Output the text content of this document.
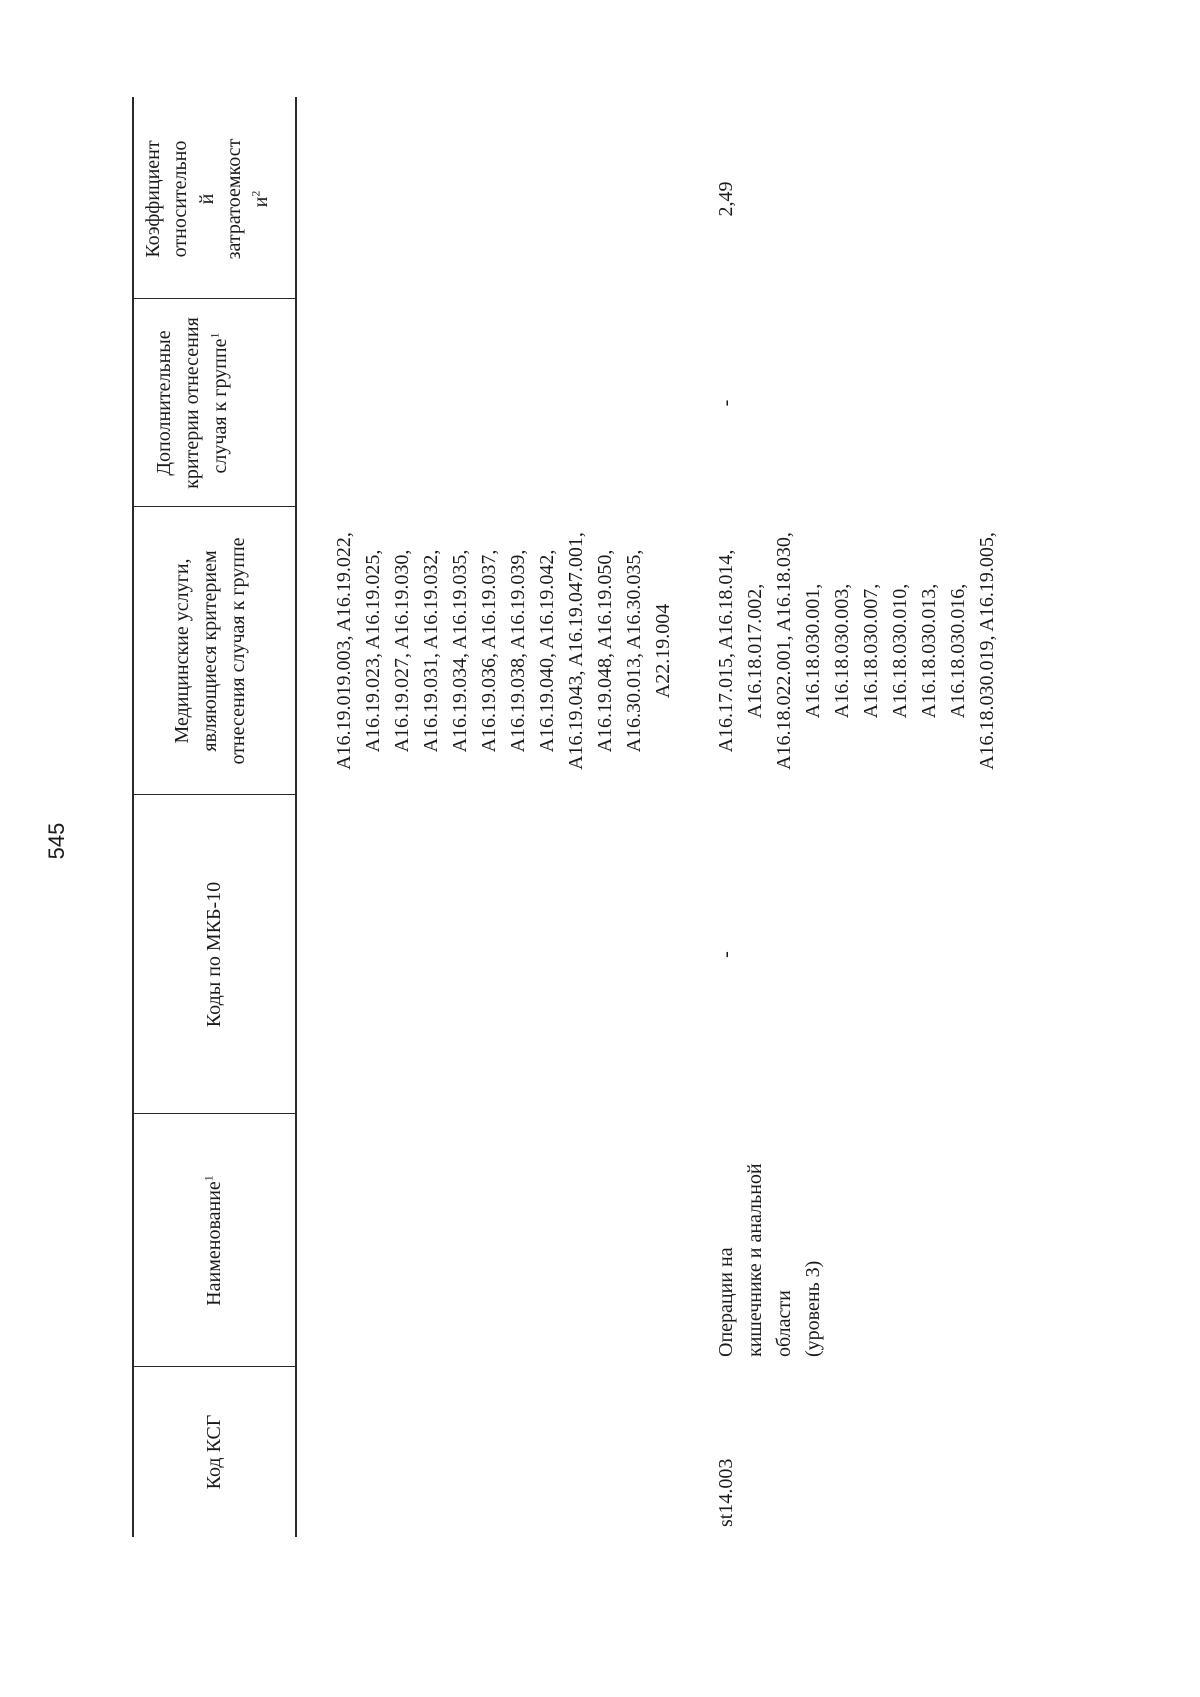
545
Код КСГ
Наименование$^1$
Коды по МКБ-10
Медицинские услуги, являющиеся критерием отнесения случая к группе
Дополнительные критерии отнесения случая к группе$^1$
Коэффициент относительно й затратоемкост $и^2$
A16.19.019.003, A16.19.022, A16.19.023, A16.19.025, A16.19.027, A16.19.030, A16.19.031, A16.19.032, A16.19.034, A16.19.035, A16.19.036, A16.19.037, A16.19.038, A16.19.039, A16.19.040, A16.19.042, A16.19.043, A16.19.047.001, A16.19.048, A16.19.050, A16.30.013, A16.30.035, A22.19.004
st14.003
Операции на кишечнике и анальной области (уровень 3)
-
A16.17.015, A16.18.014, A16.18.017.002, A16.18.022.001, A16.18.030, A16.18.030.001, A16.18.030.003, A16.18.030.007, A16.18.030.010, A16.18.030.013, A16.18.030.016, A16.18.030.019, A16.19.005,
-
2,49
